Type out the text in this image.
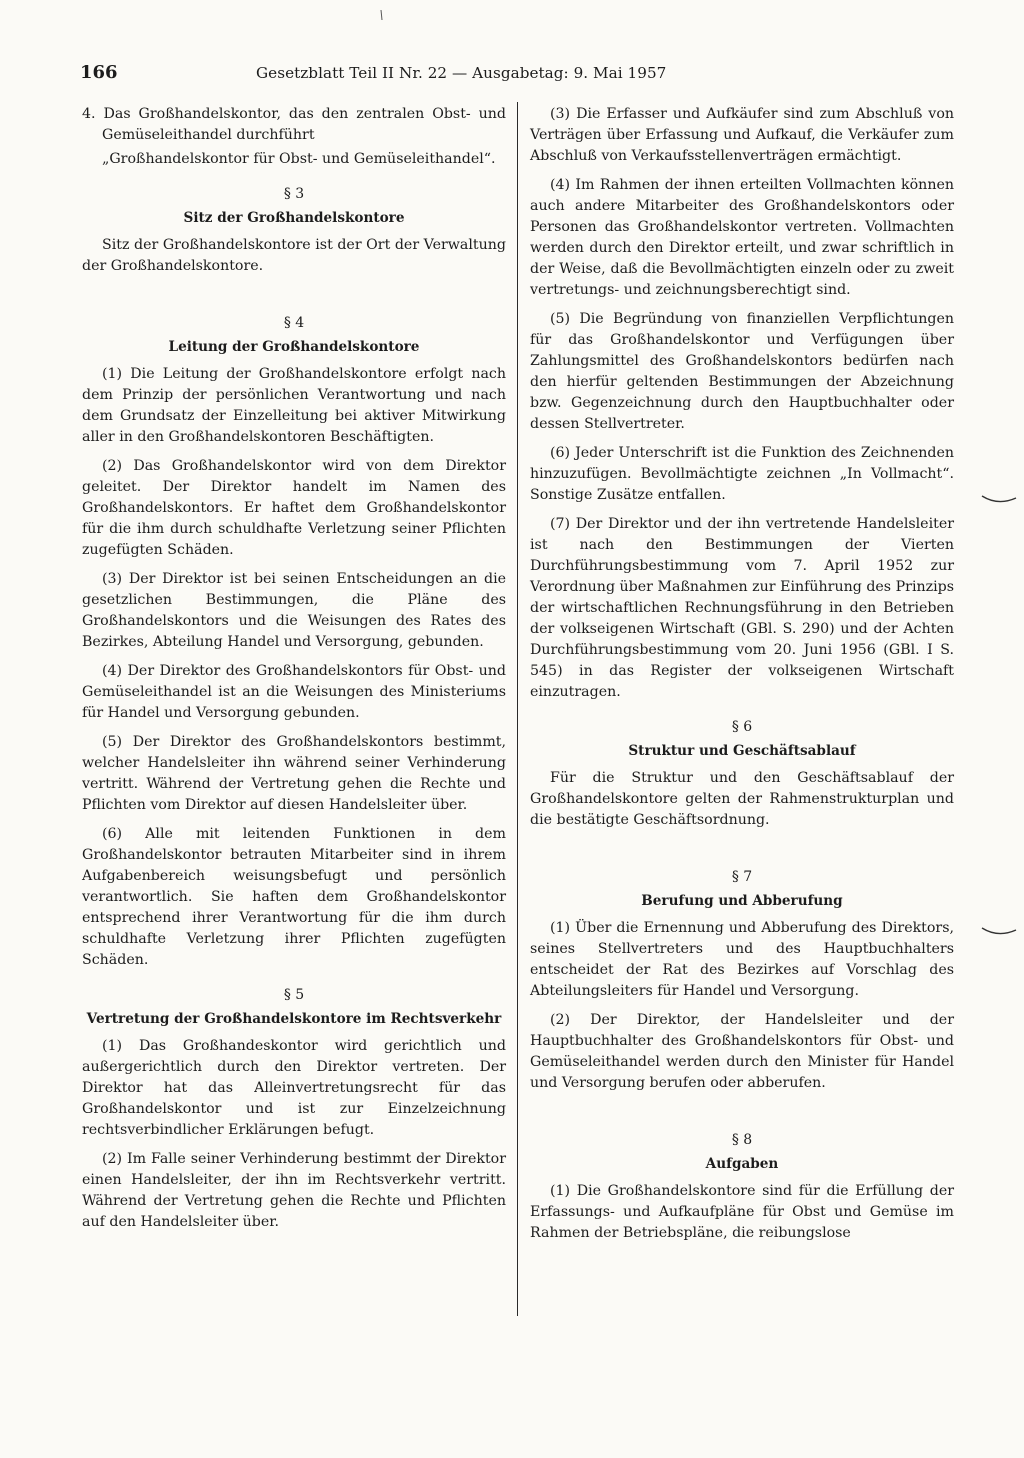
166	Gesetzblatt Teil II Nr. 22 — Ausgabetag: 9. Mai 1957

4. Das Großhandelskontor, das den zentralen Obst- und Gemüseleithandel durchführt

„Großhandelskontor für Obst- und Gemüseleithandel“.

§ 3
Sitz der Großhandelskontore

Sitz der Großhandelskontore ist der Ort der Verwaltung der Großhandelskontore.

§ 4
Leitung der Großhandelskontore

(1) Die Leitung der Großhandelskontore erfolgt nach dem Prinzip der persönlichen Verantwortung und nach dem Grundsatz der Einzelleitung bei aktiver Mitwirkung aller in den Großhandelskontoren Beschäftigten.

(2) Das Großhandelskontor wird von dem Direktor geleitet. Der Direktor handelt im Namen des Großhandelskontors. Er haftet dem Großhandelskontor für die ihm durch schuldhafte Verletzung seiner Pflichten zugefügten Schäden.

(3) Der Direktor ist bei seinen Entscheidungen an die gesetzlichen Bestimmungen, die Pläne des Großhandelskontors und die Weisungen des Rates des Bezirkes, Abteilung Handel und Versorgung, gebunden.

(4) Der Direktor des Großhandelskontors für Obst- und Gemüseleithandel ist an die Weisungen des Ministeriums für Handel und Versorgung gebunden.

(5) Der Direktor des Großhandelskontors bestimmt, welcher Handelsleiter ihn während seiner Verhinderung vertritt. Während der Vertretung gehen die Rechte und Pflichten vom Direktor auf diesen Handelsleiter über.

(6) Alle mit leitenden Funktionen in dem Großhandelskontor betrauten Mitarbeiter sind in ihrem Aufgabenbereich weisungsbefugt und persönlich verantwortlich. Sie haften dem Großhandelskontor entsprechend ihrer Verantwortung für die ihm durch schuldhafte Verletzung ihrer Pflichten zugefügten Schäden.

§ 5
Vertretung der Großhandelskontore im Rechtsverkehr

(1) Das Großhandeskontor wird gerichtlich und außergerichtlich durch den Direktor vertreten. Der Direktor hat das Alleinvertretungsrecht für das Großhandelskontor und ist zur Einzelzeichnung rechtsverbindlicher Erklärungen befugt.

(2) Im Falle seiner Verhinderung bestimmt der Direktor einen Handelsleiter, der ihn im Rechtsverkehr vertritt. Während der Vertretung gehen die Rechte und Pflichten auf den Handelsleiter über.

(3) Die Erfasser und Aufkäufer sind zum Abschluß von Verträgen über Erfassung und Aufkauf, die Verkäufer zum Abschluß von Verkaufsstellenverträgen ermächtigt.

(4) Im Rahmen der ihnen erteilten Vollmachten können auch andere Mitarbeiter des Großhandelskontors oder Personen das Großhandelskontor vertreten. Vollmachten werden durch den Direktor erteilt, und zwar schriftlich in der Weise, daß die Bevollmächtigten einzeln oder zu zweit vertretungs- und zeichnungsberechtigt sind.

(5) Die Begründung von finanziellen Verpflichtungen für das Großhandelskontor und Verfügungen über Zahlungsmittel des Großhandelskontors bedürfen nach den hierfür geltenden Bestimmungen der Abzeichnung bzw. Gegenzeichnung durch den Hauptbuchhalter oder dessen Stellvertreter.

(6) Jeder Unterschrift ist die Funktion des Zeichnenden hinzuzufügen. Bevollmächtigte zeichnen „In Vollmacht“. Sonstige Zusätze entfallen.

(7) Der Direktor und der ihn vertretende Handelsleiter ist nach den Bestimmungen der Vierten Durchführungsbestimmung vom 7. April 1952 zur Verordnung über Maßnahmen zur Einführung des Prinzips der wirtschaftlichen Rechnungsführung in den Betrieben der volkseigenen Wirtschaft (GBl. S. 290) und der Achten Durchführungsbestimmung vom 20. Juni 1956 (GBl. I S. 545) in das Register der volkseigenen Wirtschaft einzutragen.

§ 6
Struktur und Geschäftsablauf

Für die Struktur und den Geschäftsablauf der Großhandelskontore gelten der Rahmenstrukturplan und die bestätigte Geschäftsordnung.

§ 7
Berufung und Abberufung

(1) Über die Ernennung und Abberufung des Direktors, seines Stellvertreters und des Hauptbuchhalters entscheidet der Rat des Bezirkes auf Vorschlag des Abteilungsleiters für Handel und Versorgung.

(2) Der Direktor, der Handelsleiter und der Hauptbuchhalter des Großhandelskontors für Obst- und Gemüseleithandel werden durch den Minister für Handel und Versorgung berufen oder abberufen.

§ 8
Aufgaben

(1) Die Großhandelskontore sind für die Erfüllung der Erfassungs- und Aufkaufpläne für Obst und Gemüse im Rahmen der Betriebspläne, die reibungslose
